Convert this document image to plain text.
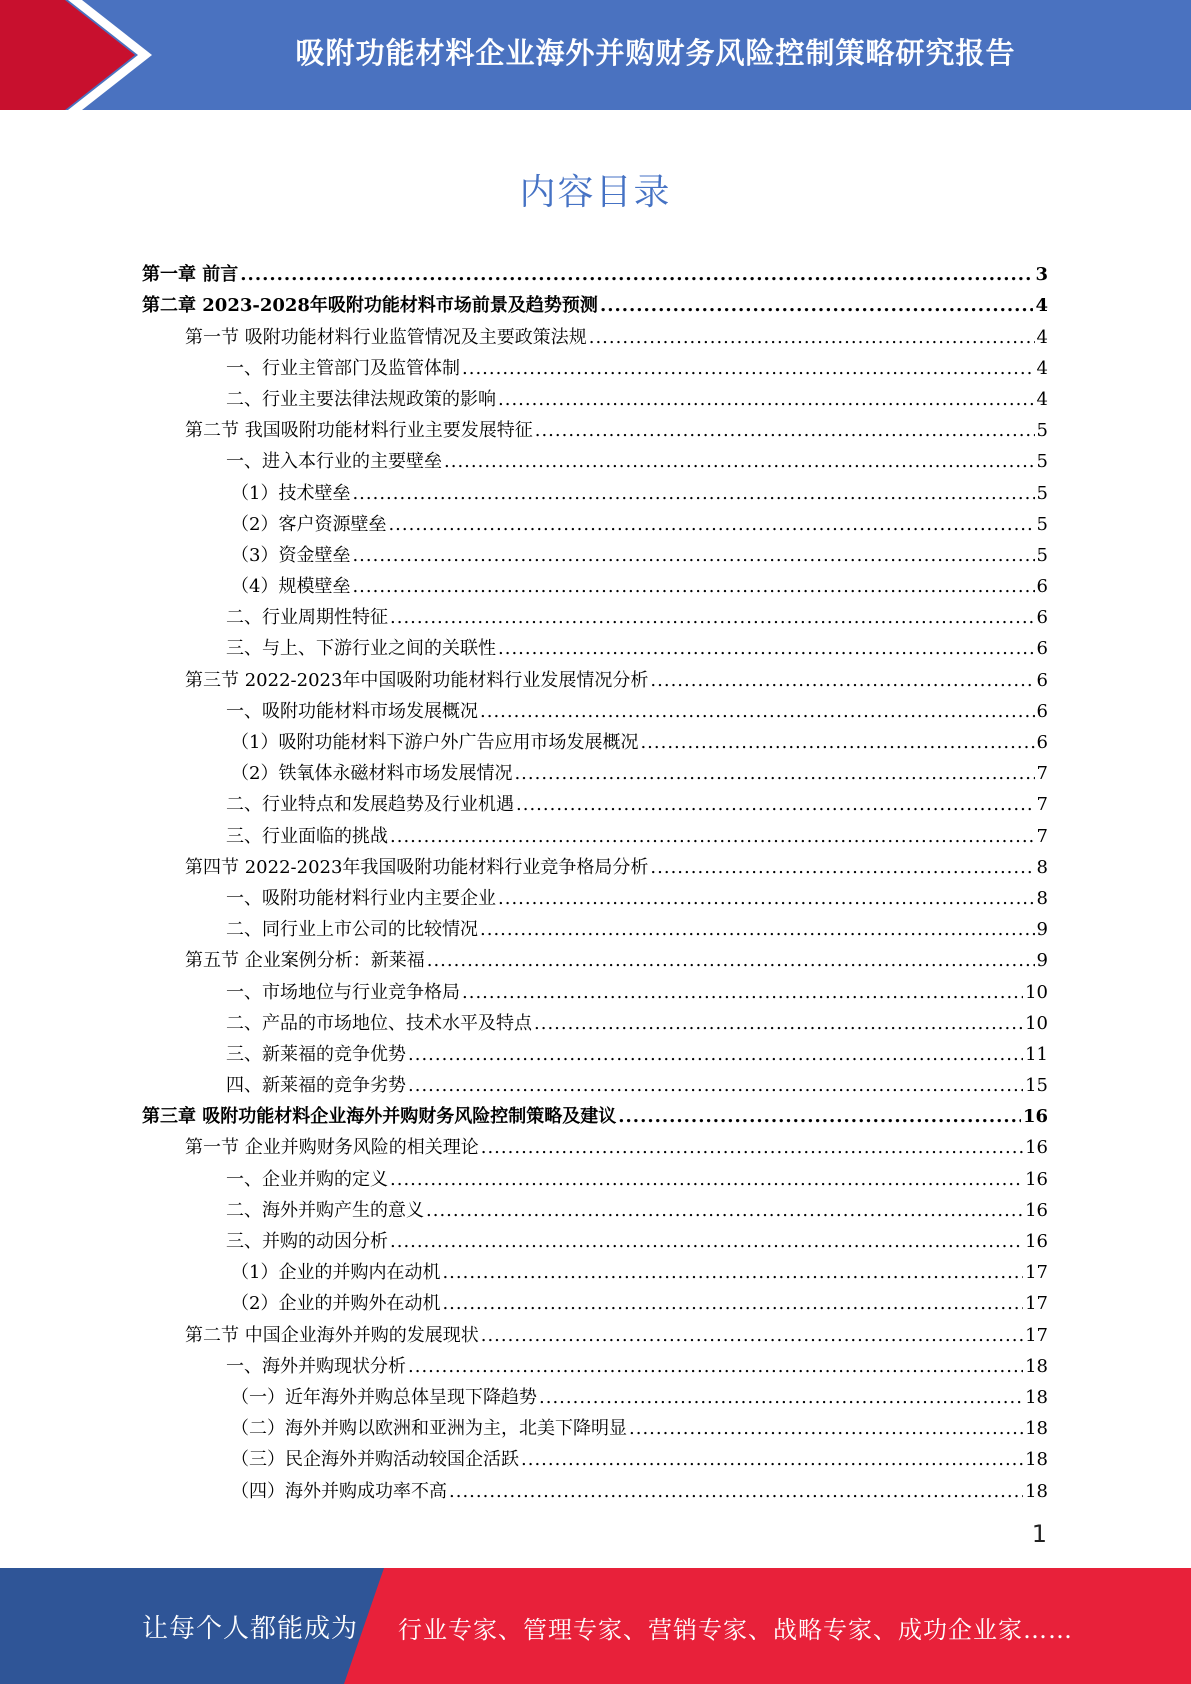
吸附功能材料企业海外并购财务风险控制策略研究报告
内容目录
第一章 前言 .....	3
第二章 2023-2028年吸附功能材料市场前景及趋势预测 .....	4
第一节 吸附功能材料行业监管情况及主要政策法规 .....	4
一、行业主管部门及监管体制 .....	4
二、行业主要法律法规政策的影响 .....	4
第二节 我国吸附功能材料行业主要发展特征 .....	5
一、进入本行业的主要壁垒 .....	5
（1）技术壁垒 .....	5
（2）客户资源壁垒 .....	5
（3）资金壁垒 .....	5
（4）规模壁垒 .....	6
二、行业周期性特征 .....	6
三、与上、下游行业之间的关联性 .....	6
第三节 2022-2023年中国吸附功能材料行业发展情况分析 .....	6
一、吸附功能材料市场发展概况 .....	6
（1）吸附功能材料下游户外广告应用市场发展概况 .....	6
（2）铁氧体永磁材料市场发展情况 .....	7
二、行业特点和发展趋势及行业机遇 .....	7
三、行业面临的挑战 .....	7
第四节 2022-2023年我国吸附功能材料行业竞争格局分析 .....	8
一、吸附功能材料行业内主要企业 .....	8
二、同行业上市公司的比较情况 .....	9
第五节 企业案例分析：新莱福 .....	9
一、市场地位与行业竞争格局 .....	10
二、产品的市场地位、技术水平及特点 .....	10
三、新莱福的竞争优势 .....	11
四、新莱福的竞争劣势 .....	15
第三章 吸附功能材料企业海外并购财务风险控制策略及建议 .....	16
第一节 企业并购财务风险的相关理论 .....	16
一、企业并购的定义 .....	16
二、海外并购产生的意义 .....	16
三、并购的动因分析 .....	16
（1）企业的并购内在动机 .....	17
（2）企业的并购外在动机 .....	17
第二节 中国企业海外并购的发展现状 .....	17
一、海外并购现状分析 .....	18
（一）近年海外并购总体呈现下降趋势 .....	18
（二）海外并购以欧洲和亚洲为主，北美下降明显 .....	18
（三）民企海外并购活动较国企活跃 .....	18
（四）海外并购成功率不高 .....	18
1
让每个人都能成为 行业专家、管理专家、营销专家、战略专家、成功企业家……
